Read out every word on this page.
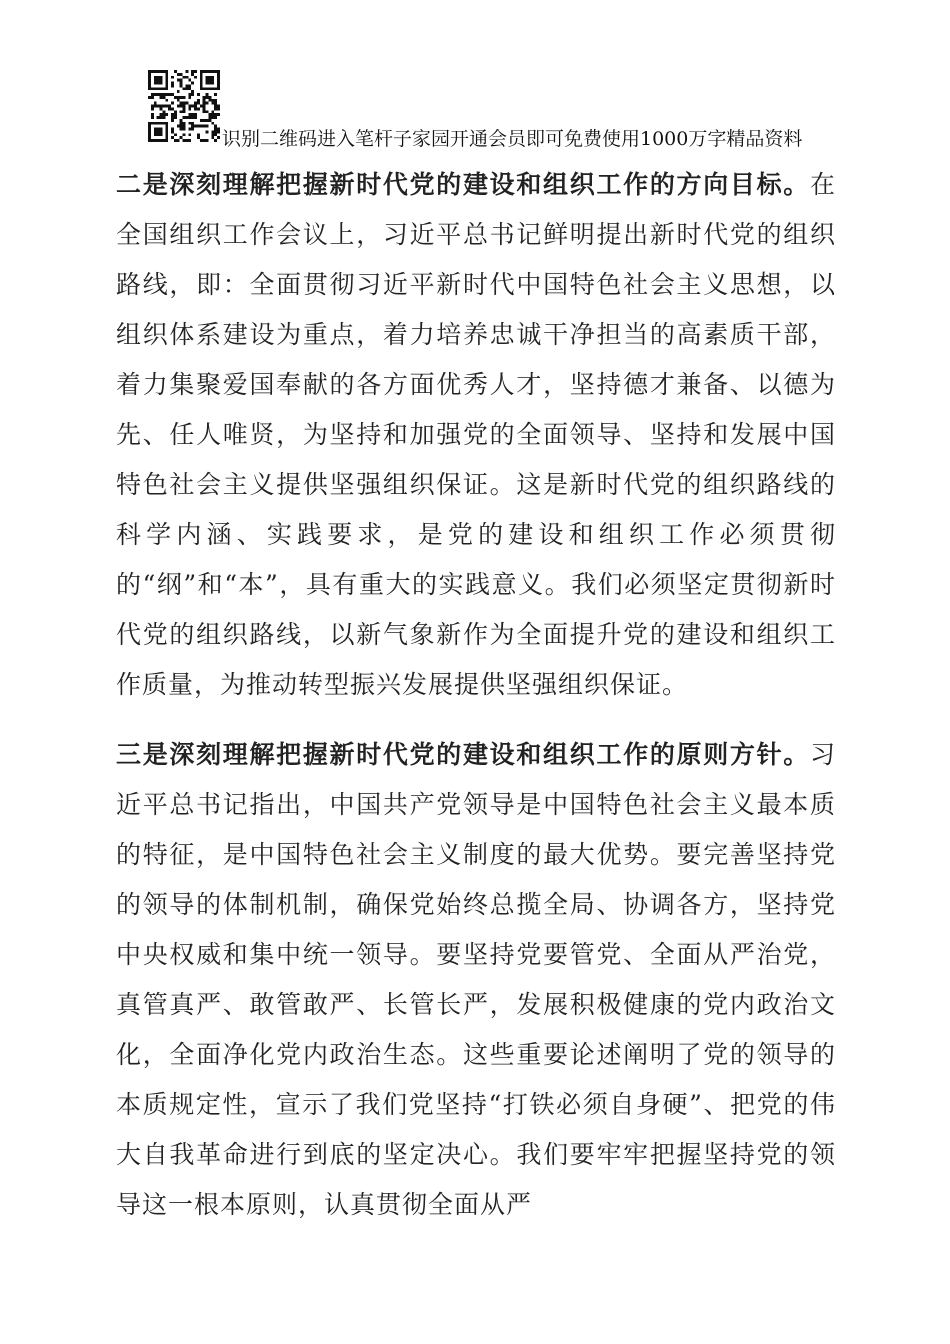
识别二维码进入笔杆子家园开通会员即可免费使用1000万字精品资料

二是深刻理解把握新时代党的建设和组织工作的方向目标。在全国组织工作会议上，习近平总书记鲜明提出新时代党的组织路线，即：全面贯彻习近平新时代中国特色社会主义思想，以组织体系建设为重点，着力培养忠诚干净担当的高素质干部，着力集聚爱国奉献的各方面优秀人才，坚持德才兼备、以德为先、任人唯贤，为坚持和加强党的全面领导、坚持和发展中国特色社会主义提供坚强组织保证。这是新时代党的组织路线的科学内涵、实践要求，是党的建设和组织工作必须贯彻的“纲”和“本”，具有重大的实践意义。我们必须坚定贯彻新时代党的组织路线，以新气象新作为全面提升党的建设和组织工作质量，为推动转型振兴发展提供坚强组织保证。

三是深刻理解把握新时代党的建设和组织工作的原则方针。习近平总书记指出，中国共产党领导是中国特色社会主义最本质的特征，是中国特色社会主义制度的最大优势。要完善坚持党的领导的体制机制，确保党始终总揽全局、协调各方，坚持党中央权威和集中统一领导。要坚持党要管党、全面从严治党，真管真严、敢管敢严、长管长严，发展积极健康的党内政治文化，全面净化党内政治生态。这些重要论述阐明了党的领导的本质规定性，宣示了我们党坚持“打铁必须自身硬”、把党的伟大自我革命进行到底的坚定决心。我们要牢牢把握坚持党的领导这一根本原则，认真贯彻全面从严
